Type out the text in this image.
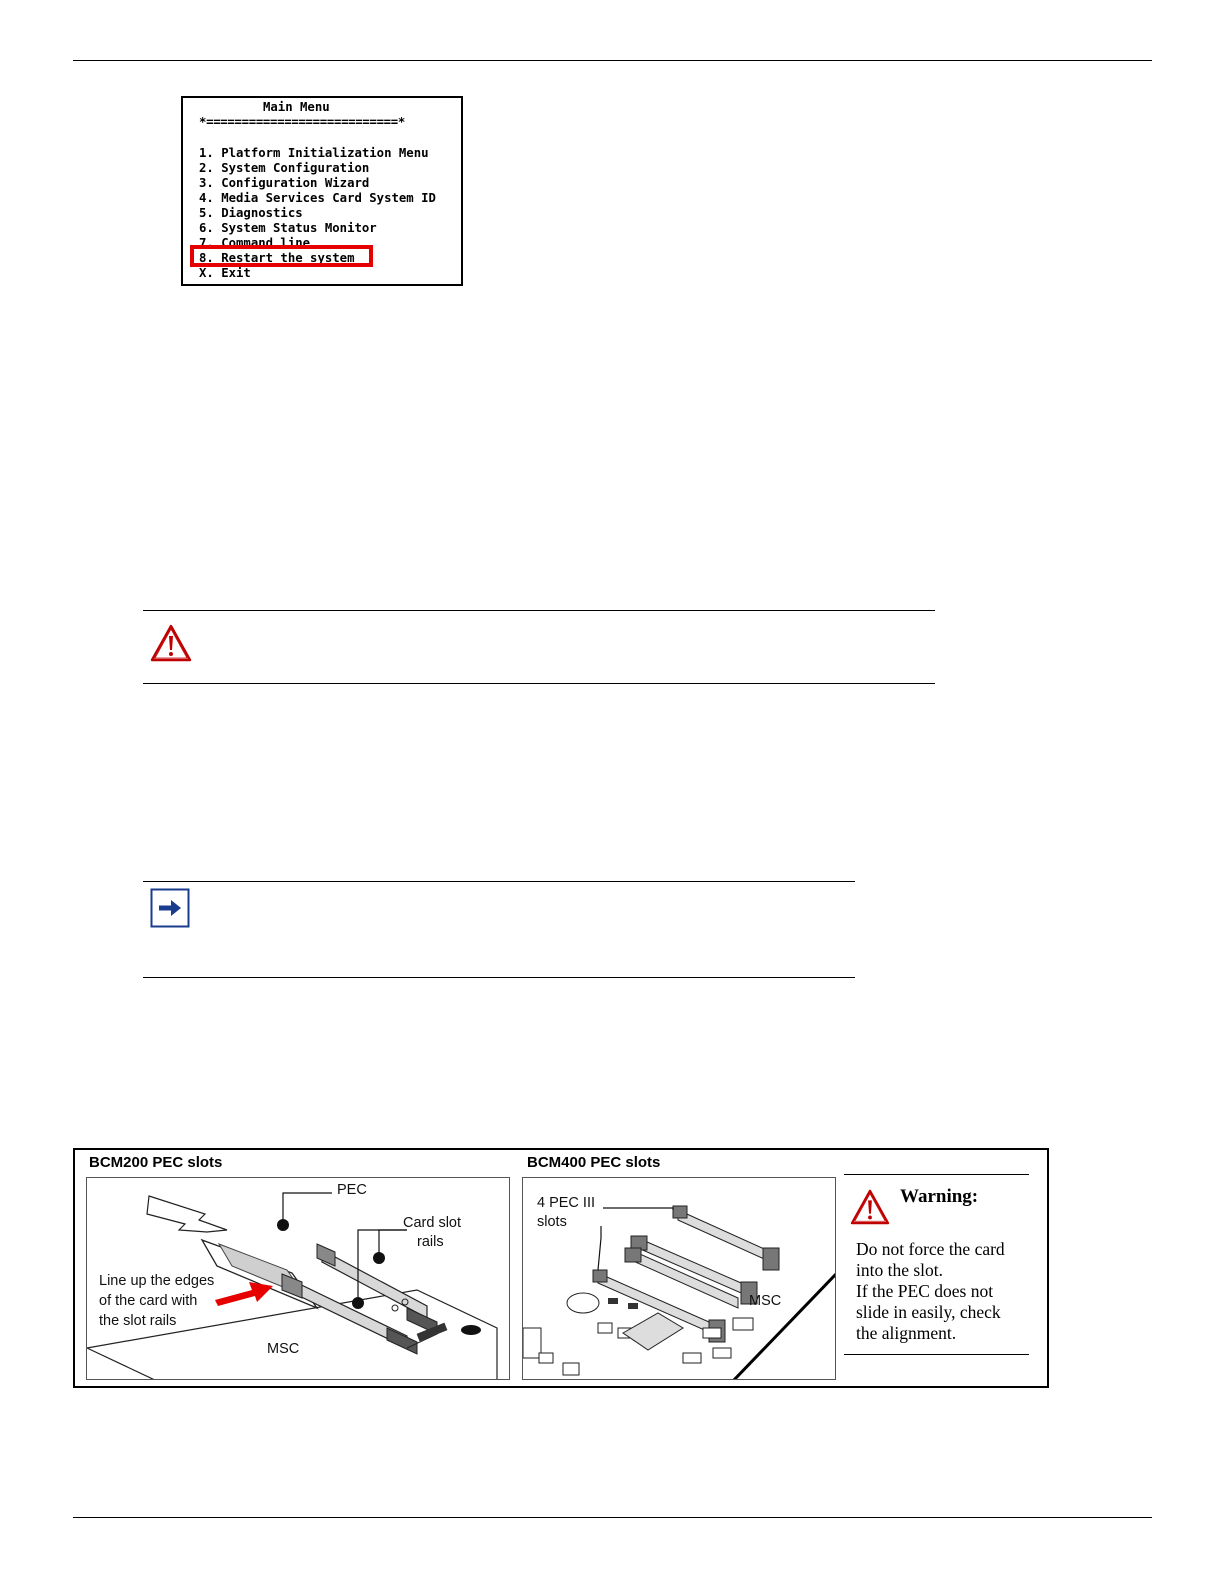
Main Menu
*===========================*
1. Platform Initialization Menu
2. System Configuration
3. Configuration Wizard
4. Media Services Card System ID
5. Diagnostics
6. System Status Monitor
7. Command line
8. Restart the system
X. Exit
BCM200 PEC slots	BCM400 PEC slots
PEC
Card slot
rails
Line up the edges
of the card with
the slot rails
MSC
4 PEC III
slots
MSC
Warning:
Do not force the card
into the slot.
If the PEC does not
slide in easily, check
the alignment.
